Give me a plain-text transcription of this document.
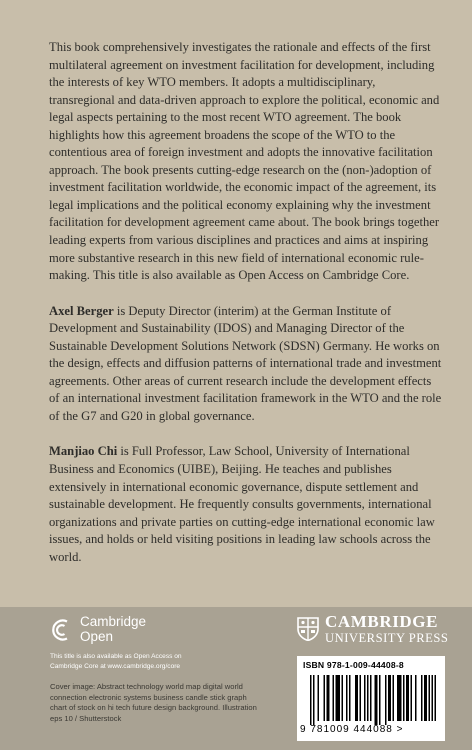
This book comprehensively investigates the rationale and effects of the first multilateral agreement on investment facilitation for development, including the interests of key WTO members. It adopts a multidisciplinary, transregional and data-driven approach to explore the political, economic and legal aspects pertaining to the most recent WTO agreement. The book highlights how this agreement broadens the scope of the WTO to the contentious area of foreign investment and adopts the innovative facilitation approach. The book presents cutting-edge research on the (non-)adoption of investment facilitation worldwide, the economic impact of the agreement, its legal implications and the political economy explaining why the investment facilitation for development agreement came about. The book brings together leading experts from various disciplines and practices and aims at inspiring more substantive research in this new field of international economic rule-making. This title is also available as Open Access on Cambridge Core.

Axel Berger is Deputy Director (interim) at the German Institute of Development and Sustainability (IDOS) and Managing Director of the Sustainable Development Solutions Network (SDSN) Germany. He works on the design, effects and diffusion patterns of international trade and investment agreements. Other areas of current research include the development effects of an international investment facilitation framework in the WTO and the role of the G7 and G20 in global governance.

Manjiao Chi is Full Professor, Law School, University of International Business and Economics (UIBE), Beijing. He teaches and publishes extensively in international economic governance, dispute settlement and sustainable development. He frequently consults governments, international organizations and private parties on cutting-edge international economic law issues, and holds or held visiting positions in leading law schools across the world.

Cambridge
Open
This title is also available as Open Access on
Cambridge Core at www.cambridge.org/core
Cover image: Abstract technology world map digital world connection electronic systems business candle stick graph chart of stock on hi tech future design background. Illustration eps 10 / Shutterstock
CAMBRIDGE
UNIVERSITY PRESS
ISBN 978-1-009-44408-8
9 781009 444088 >
